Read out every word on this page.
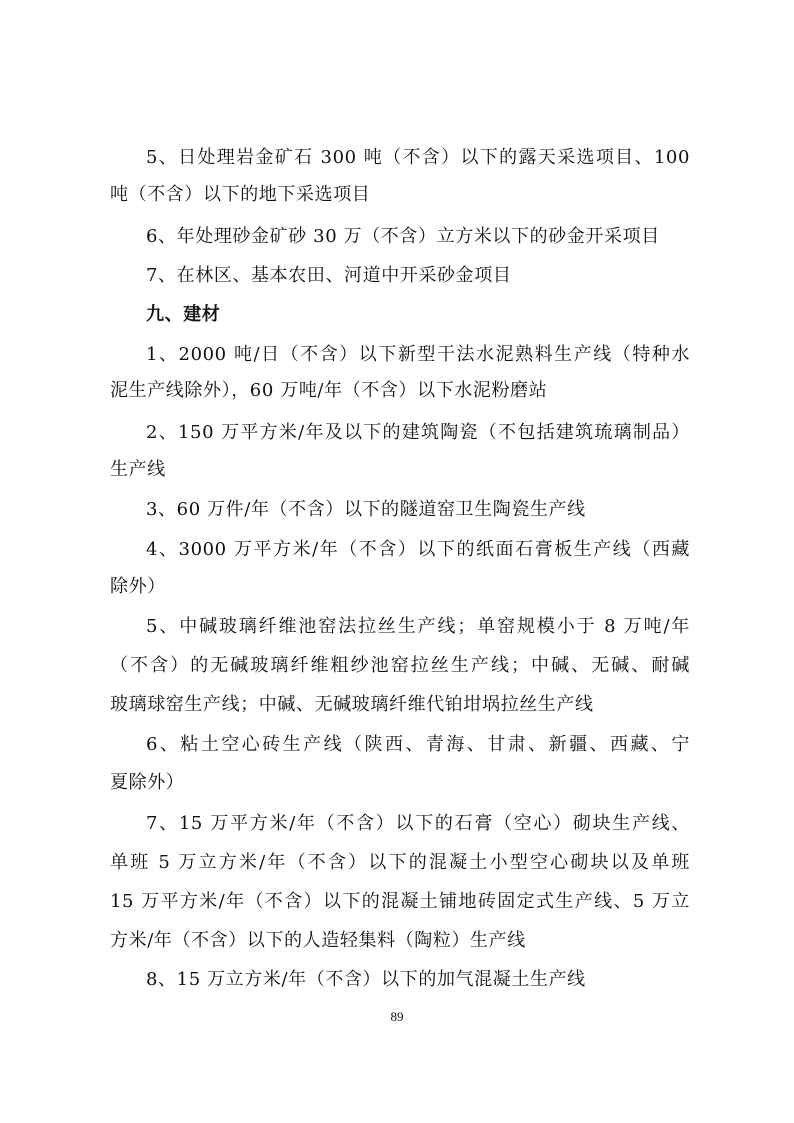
5、日处理岩金矿石 300 吨（不含）以下的露天采选项目、100
吨（不含）以下的地下采选项目
6、年处理砂金矿砂 30 万（不含）立方米以下的砂金开采项目
7、在林区、基本农田、河道中开采砂金项目
九、建材
1、2000 吨/日（不含）以下新型干法水泥熟料生产线（特种水
泥生产线除外），60 万吨/年（不含）以下水泥粉磨站
2、150 万平方米/年及以下的建筑陶瓷（不包括建筑琉璃制品）
生产线
3、60 万件/年（不含）以下的隧道窑卫生陶瓷生产线
4、3000 万平方米/年（不含）以下的纸面石膏板生产线（西藏
除外）
5、中碱玻璃纤维池窑法拉丝生产线；单窑规模小于 8 万吨/年
（不含）的无碱玻璃纤维粗纱池窑拉丝生产线；中碱、无碱、耐碱
玻璃球窑生产线；中碱、无碱玻璃纤维代铂坩埚拉丝生产线
6、粘土空心砖生产线（陕西、青海、甘肃、新疆、西藏、宁
夏除外）
7、15 万平方米/年（不含）以下的石膏（空心）砌块生产线、
单班 5 万立方米/年（不含）以下的混凝土小型空心砌块以及单班
15 万平方米/年（不含）以下的混凝土铺地砖固定式生产线、5 万立
方米/年（不含）以下的人造轻集料（陶粒）生产线
8、15 万立方米/年（不含）以下的加气混凝土生产线
89
